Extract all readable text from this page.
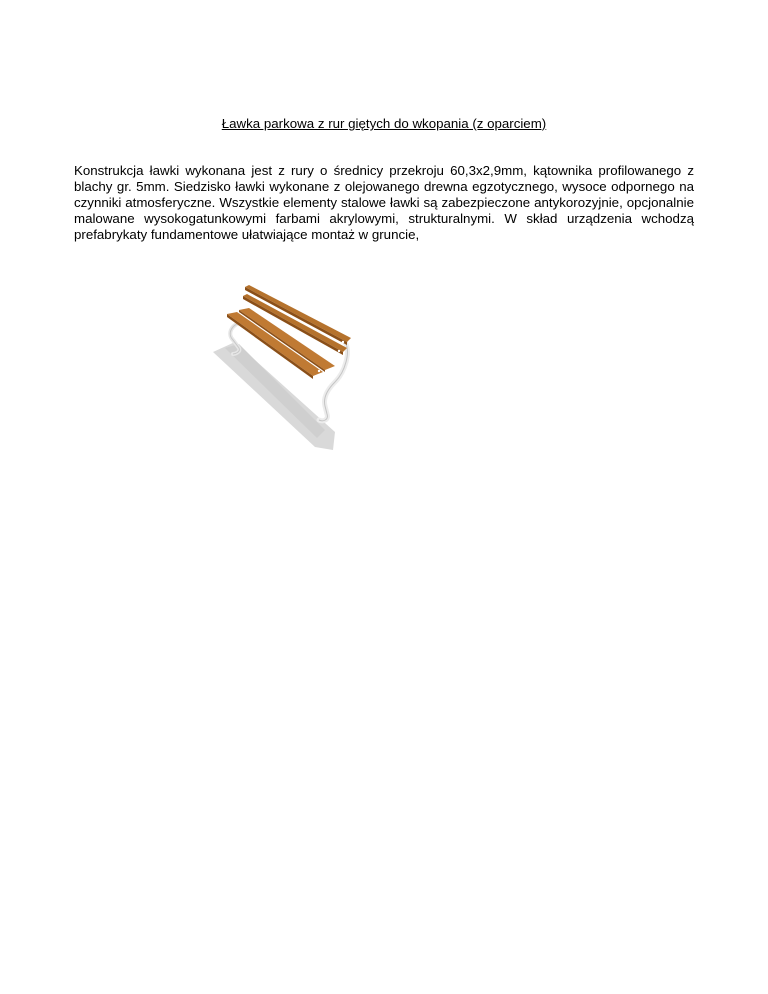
Ławka parkowa z rur giętych do wkopania (z oparciem)

Konstrukcja ławki wykonana jest z rury o średnicy przekroju 60,3x2,9mm, kątownika profilowanego z blachy gr. 5mm. Siedzisko ławki wykonane z olejowanego drewna egzotycznego, wysoce odpornego na czynniki atmosferyczne. Wszystkie elementy stalowe ławki są zabezpieczone antykorozyjnie, opcjonalnie malowane wysokogatunkowymi farbami akrylowymi, strukturalnymi. W skład urządzenia wchodzą prefabrykaty fundamentowe ułatwiające montaż w gruncie,
